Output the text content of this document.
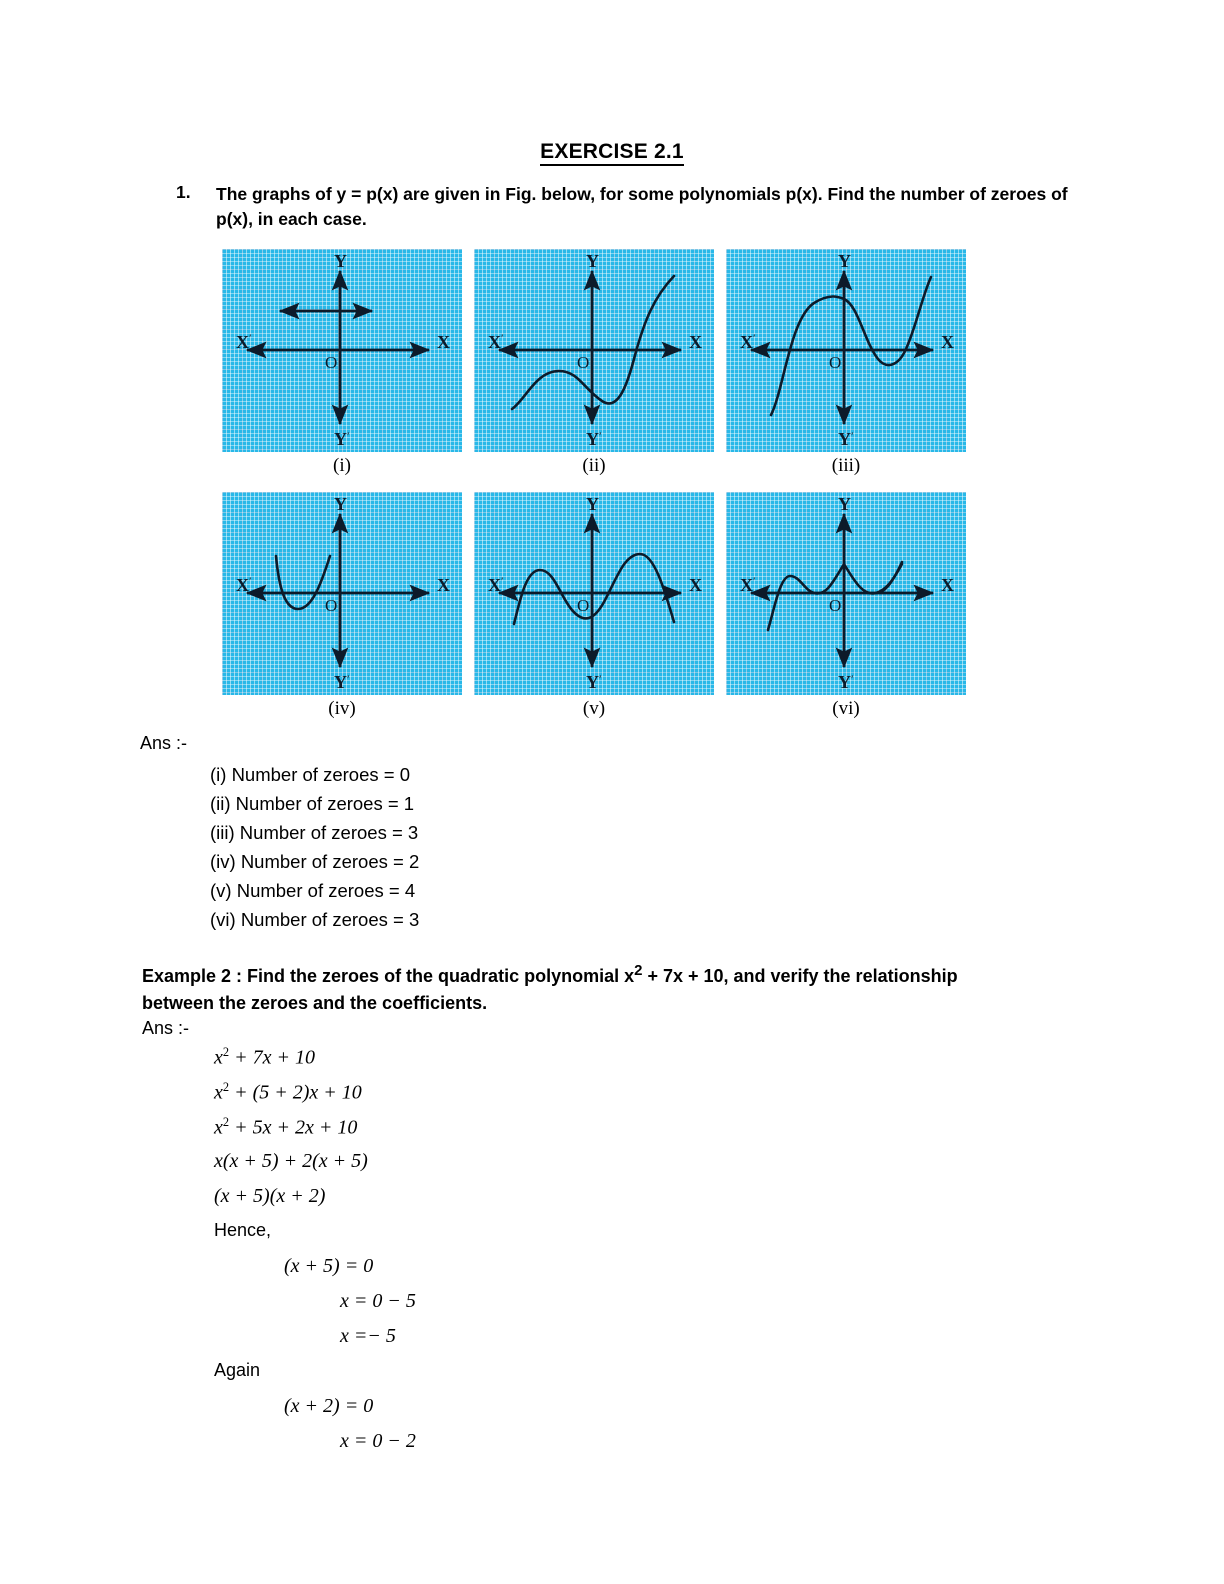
EXERCISE 2.1
1. The graphs of y = p(x) are given in Fig. below, for some polynomials p(x). Find the number of zeroes of p(x), in each case.
X ′	X
Y
Y ′
O
(i)
X ′	X
Y
Y ′
O
(ii)
X ′	X
Y
Y ′
O
(iii)
X ′	X
Y
Y ′
O
(iv)
X ′	X
Y
Y ′
O
(v)
X ′	X
Y
Y ′
O
(vi)
Ans :-
(i) Number of zeroes = 0
(ii) Number of zeroes = 1
(iii) Number of zeroes = 3
(iv) Number of zeroes = 2
(v) Number of zeroes = 4
(vi) Number of zeroes = 3
Example 2 : Find the zeroes of the quadratic polynomial $x^2 + 7x + 10$, and verify the relationship between the zeroes and the coefficients.
Ans :-
$x^2 + 7x + 10$
$x^2 + (5 + 2)x + 10$
$x^2 + 5x + 2x + 10$
x(x + 5) + 2(x + 5)
(x + 5)(x + 2)
Hence,
(x + 5) = 0
x = 0 − 5
x =− 5
Again
(x + 2) = 0
x = 0 − 2
